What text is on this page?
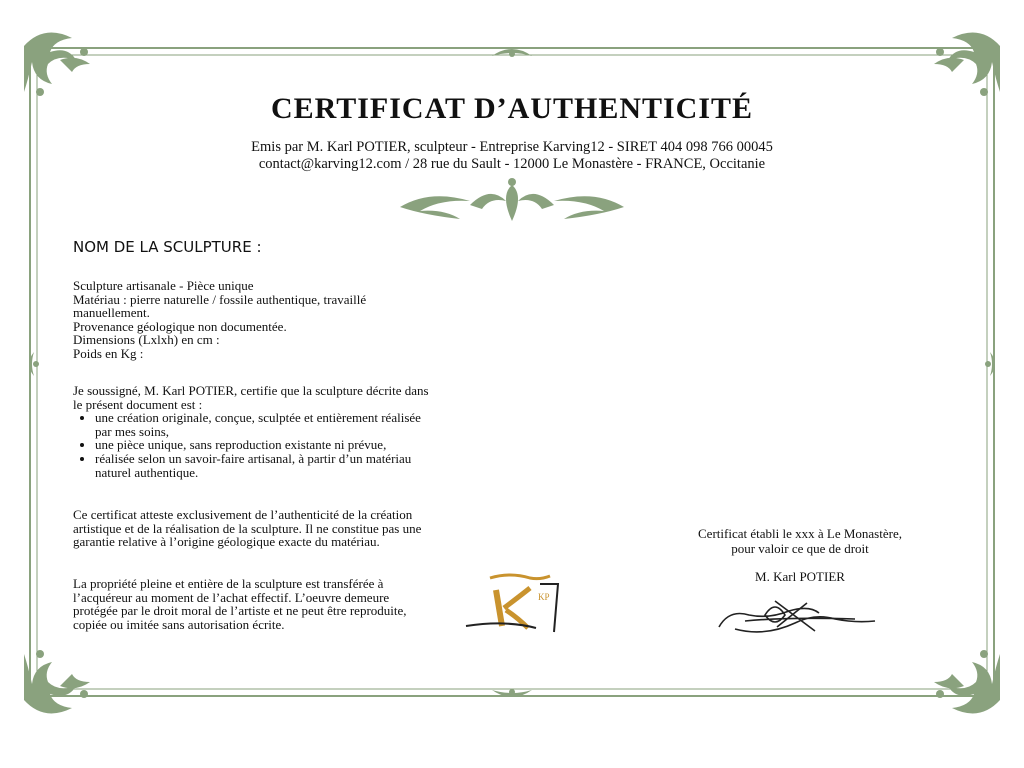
CERTIFICAT D’AUTHENTICITÉ
Emis par M. Karl POTIER, sculpteur - Entreprise Karving12 - SIRET 404 098 766 00045
contact@karving12.com / 28 rue du Sault - 12000 Le Monastère - FRANCE, Occitanie
NOM DE LA SCULPTURE :
Sculpture artisanale - Pièce unique
Matériau : pierre naturelle / fossile authentique, travaillé manuellement.
Provenance géologique non documentée.
Dimensions (Lxlxh) en cm :
Poids en Kg :
Je soussigné, M. Karl POTIER, certifie que la sculpture décrite dans le présent document est :
• une création originale, conçue, sculptée et entièrement réalisée par mes soins,
• une pièce unique, sans reproduction existante ni prévue,
• réalisée selon un savoir-faire artisanal, à partir d’un matériau naturel authentique.
Ce certificat atteste exclusivement de l’authenticité de la création artistique et de la réalisation de la sculpture. Il ne constitue pas une garantie relative à l’origine géologique exacte du matériau.
La propriété pleine et entière de la sculpture est transférée à l’acquéreur au moment de l’achat effectif. L’oeuvre demeure protégée par le droit moral de l’artiste et ne peut être reproduite, copiée ou imitée sans autorisation écrite.
Certificat établi le xxx à Le Monastère,
pour valoir ce que de droit
M. Karl POTIER
KP
